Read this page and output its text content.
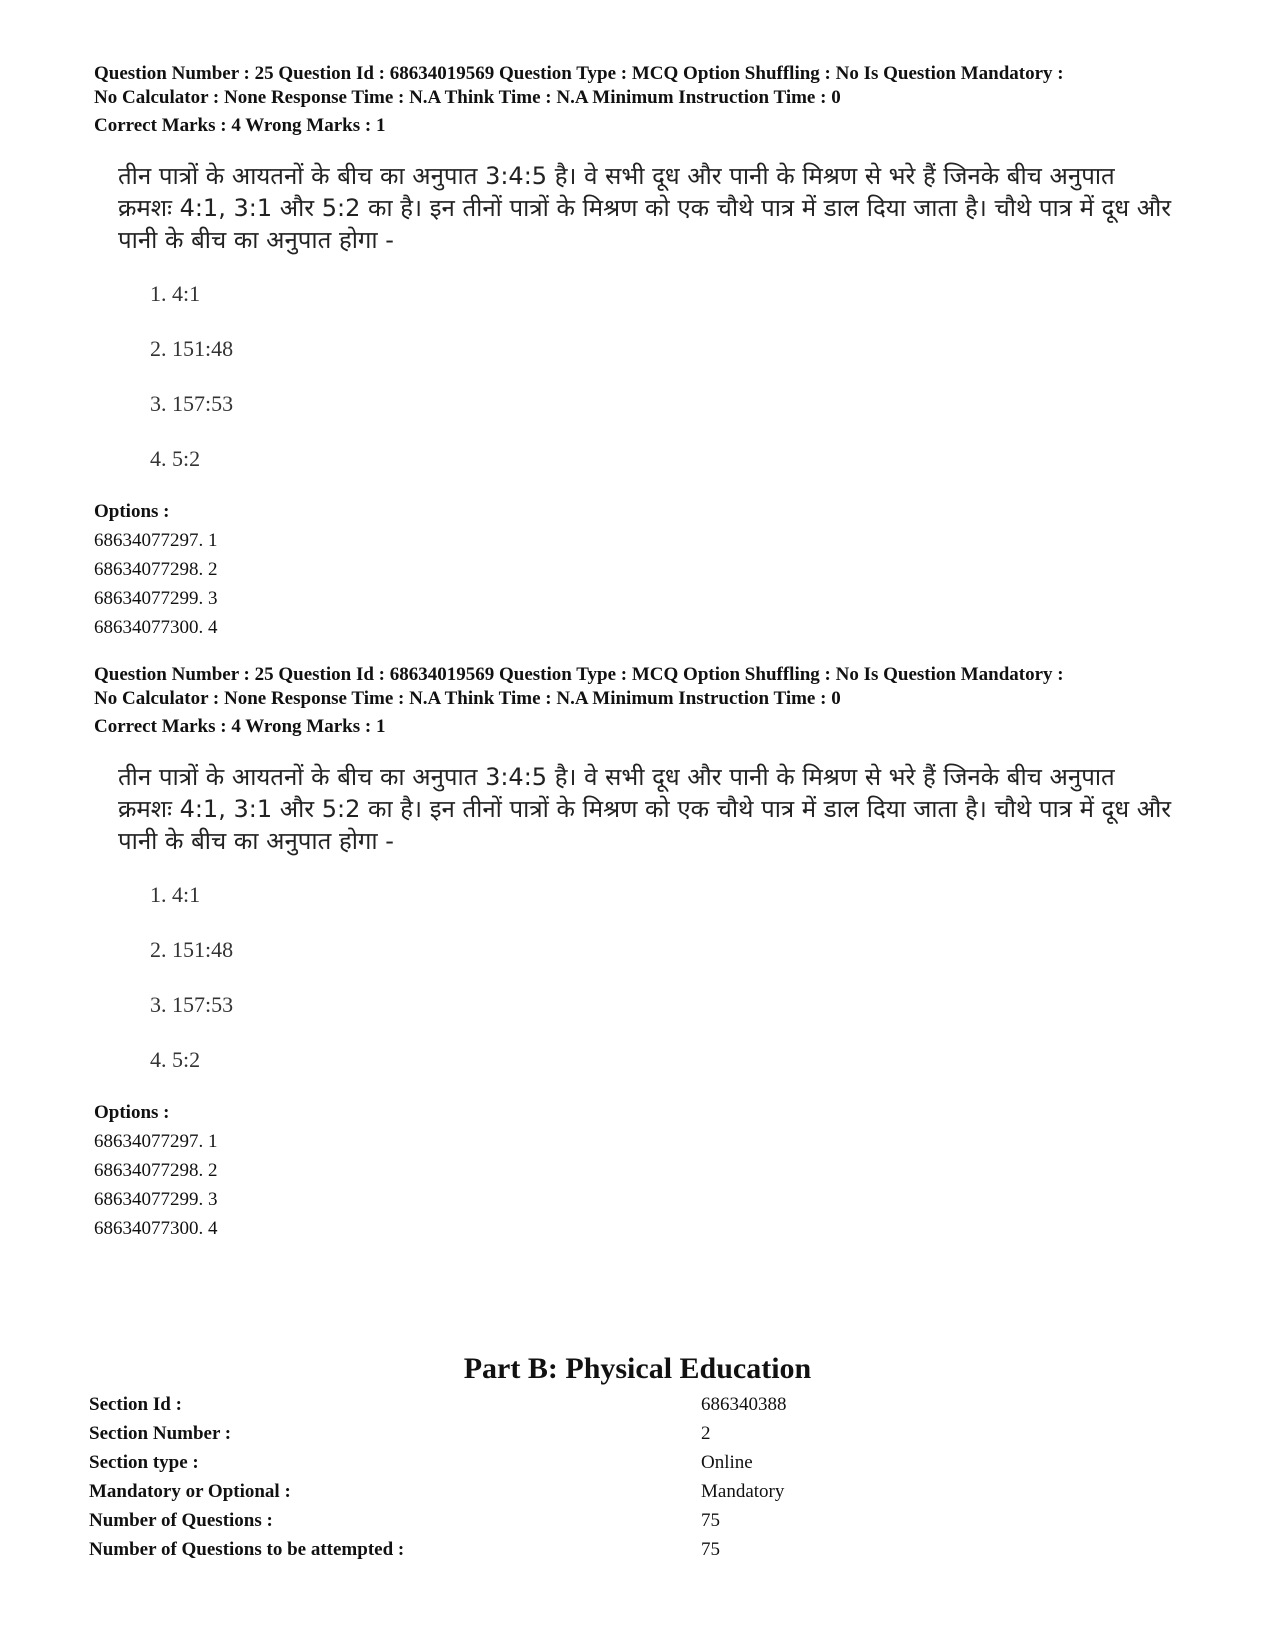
Question Number : 25 Question Id : 68634019569 Question Type : MCQ Option Shuffling : No Is Question Mandatory :
No Calculator : None Response Time : N.A Think Time : N.A Minimum Instruction Time : 0
Correct Marks : 4 Wrong Marks : 1
तीन पात्रों के आयतनों के बीच का अनुपात 3:4:5 है। वे सभी दूध और पानी के मिश्रण से भरे हैं जिनके बीच अनुपात
क्रमशः 4:1, 3:1 और 5:2 का है। इन तीनों पात्रों के मिश्रण को एक चौथे पात्र में डाल दिया जाता है। चौथे पात्र में दूध और
पानी के बीच का अनुपात होगा -
1. 4:1
2. 151:48
3. 157:53
4. 5:2
Options :
68634077297. 1
68634077298. 2
68634077299. 3
68634077300. 4
Question Number : 25 Question Id : 68634019569 Question Type : MCQ Option Shuffling : No Is Question Mandatory :
No Calculator : None Response Time : N.A Think Time : N.A Minimum Instruction Time : 0
Correct Marks : 4 Wrong Marks : 1
तीन पात्रों के आयतनों के बीच का अनुपात 3:4:5 है। वे सभी दूध और पानी के मिश्रण से भरे हैं जिनके बीच अनुपात
क्रमशः 4:1, 3:1 और 5:2 का है। इन तीनों पात्रों के मिश्रण को एक चौथे पात्र में डाल दिया जाता है। चौथे पात्र में दूध और
पानी के बीच का अनुपात होगा -
1. 4:1
2. 151:48
3. 157:53
4. 5:2
Options :
68634077297. 1
68634077298. 2
68634077299. 3
68634077300. 4
Part B: Physical Education
Section Id :	686340388
Section Number :	2
Section type :	Online
Mandatory or Optional :	Mandatory
Number of Questions :	75
Number of Questions to be attempted :	75
